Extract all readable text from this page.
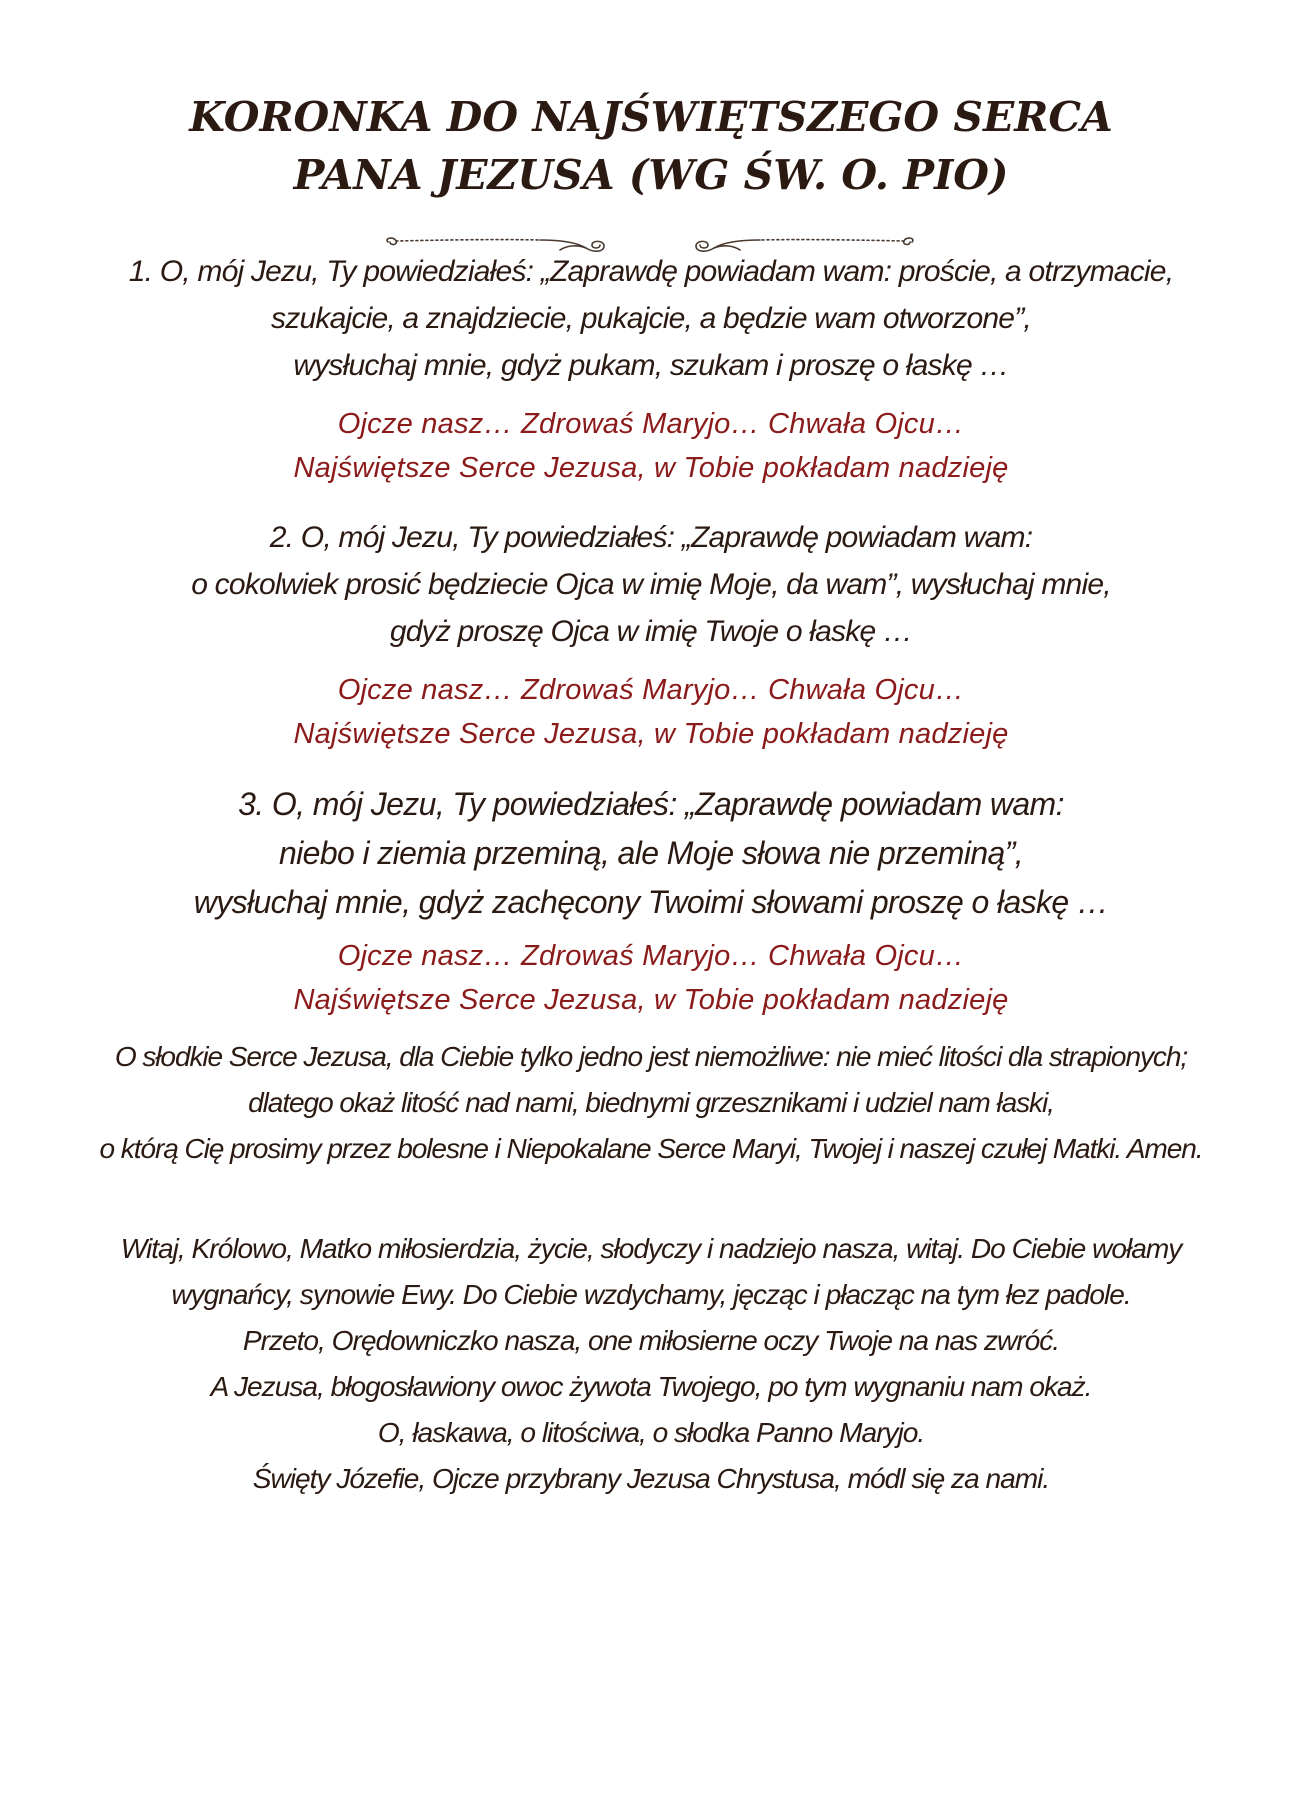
KORONKA DO NAJŚWIĘTSZEGO SERCA
PANA JEZUSA (WG ŚW. O. PIO)

1. O, mój Jezu, Ty powiedziałeś: „Zaprawdę powiadam wam: proście, a otrzymacie,
szukajcie, a znajdziecie, pukajcie, a będzie wam otworzone”,
wysłuchaj mnie, gdyż pukam, szukam i proszę o łaskę …

Ojcze nasz… Zdrowaś Maryjo… Chwała Ojcu…
Najświętsze Serce Jezusa, w Tobie pokładam nadzieję

2. O, mój Jezu, Ty powiedziałeś: „Zaprawdę powiadam wam:
o cokolwiek prosić będziecie Ojca w imię Moje, da wam”, wysłuchaj mnie,
gdyż proszę Ojca w imię Twoje o łaskę …

Ojcze nasz… Zdrowaś Maryjo… Chwała Ojcu…
Najświętsze Serce Jezusa, w Tobie pokładam nadzieję

3. O, mój Jezu, Ty powiedziałeś: „Zaprawdę powiadam wam:
niebo i ziemia przeminą, ale Moje słowa nie przeminą”,
wysłuchaj mnie, gdyż zachęcony Twoimi słowami proszę o łaskę …

Ojcze nasz… Zdrowaś Maryjo… Chwała Ojcu…
Najświętsze Serce Jezusa, w Tobie pokładam nadzieję

O słodkie Serce Jezusa, dla Ciebie tylko jedno jest niemożliwe: nie mieć litości dla strapionych;
dlatego okaż litość nad nami, biednymi grzesznikami i udziel nam łaski,
o którą Cię prosimy przez bolesne i Niepokalane Serce Maryi, Twojej i naszej czułej Matki. Amen.

Witaj, Królowo, Matko miłosierdzia, życie, słodyczy i nadziejo nasza, witaj. Do Ciebie wołamy
wygnańcy, synowie Ewy. Do Ciebie wzdychamy, jęcząc i płacząc na tym łez padole.
Przeto, Orędowniczko nasza, one miłosierne oczy Twoje na nas zwróć.
A Jezusa, błogosławiony owoc żywota Twojego, po tym wygnaniu nam okaż.
O, łaskawa, o litościwa, o słodka Panno Maryjo.
Święty Józefie, Ojcze przybrany Jezusa Chrystusa, módl się za nami.
